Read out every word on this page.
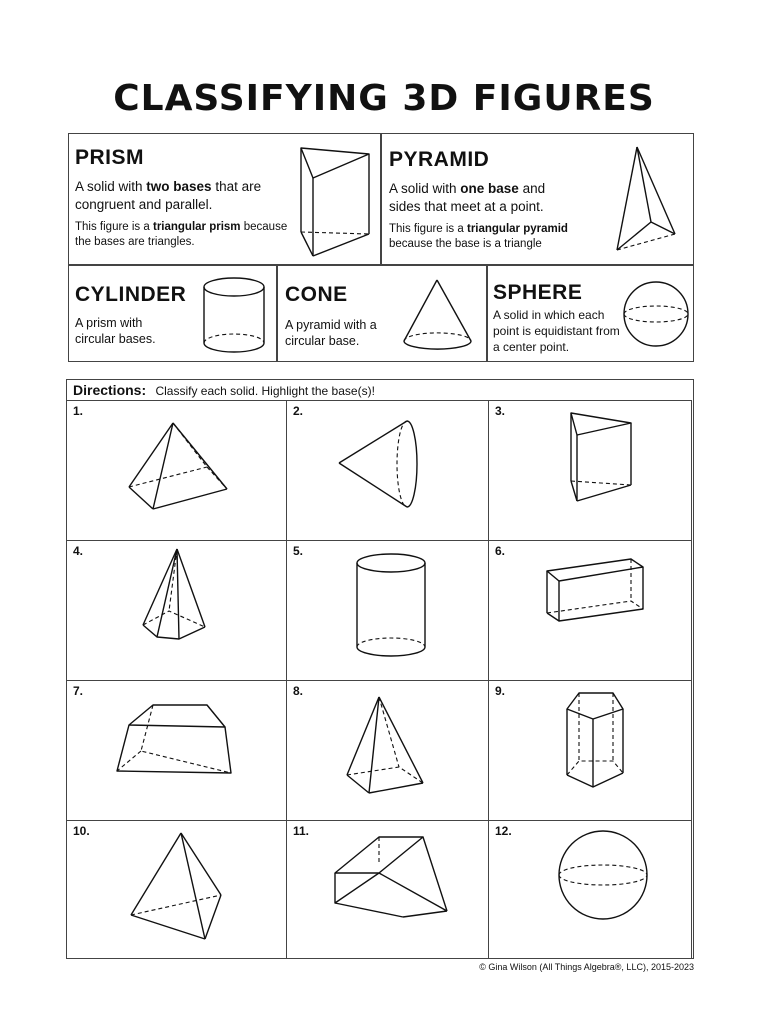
CLASSIFYING 3D FIGURES
PRISM
A solid with two bases that are congruent and parallel.
This figure is a triangular prism because the bases are triangles.
PYRAMID
A solid with one base and sides that meet at a point.
This figure is a triangular pyramid because the base is a triangle
CYLINDER
A prism with circular bases.
CONE
A pyramid with a circular base.
SPHERE
A solid in which each point is equidistant from a center point.
Directions: Classify each solid. Highlight the base(s)!
1.	2.	3.
4.	5.	6.
7.	8.	9.
10.	11.	12.
© Gina Wilson (All Things Algebra®, LLC), 2015-2023
